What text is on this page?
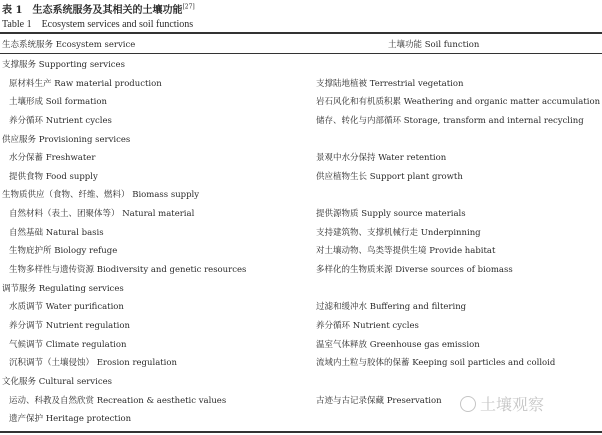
表 1　生态系统服务及其相关的土壤功能[27]
Table 1　Ecosystem services and soil functions
生态系统服务 Ecosystem service	土壤功能 Soil function
支撑服务 Supporting services
原材料生产 Raw material production	支撑陆地植被 Terrestrial vegetation
土壤形成 Soil formation	岩石风化和有机质积累 Weathering and organic matter accumulation
养分循环 Nutrient cycles	储存、转化与内部循环 Storage, transform and internal recycling
供应服务 Provisioning services
水分保蓄 Freshwater	景观中水分保持 Water retention
提供食物 Food supply	供应植物生长 Support plant growth
生物质供应（食物、纤维、燃料） Biomass supply
自然材料（表土、团聚体等） Natural material	提供源物质 Supply source materials
自然基础 Natural basis	支持建筑物、支撑机械行走 Underpinning
生物庇护所 Biology refuge	对土壤动物、鸟类等提供生境 Provide habitat
生物多样性与遗传资源 Biodiversity and genetic resources	多样化的生物质来源 Diverse sources of biomass
调节服务 Regulating services
水质调节 Water purification	过滤和缓冲水 Buffering and filtering
养分调节 Nutrient regulation	养分循环 Nutrient cycles
气候调节 Climate regulation	温室气体释放 Greenhouse gas emission
沉积调节（土壤侵蚀） Erosion regulation	流域内土粒与胶体的保蓄 Keeping soil particles and colloid
文化服务 Cultural services
运动、科教及自然欣赏 Recreation & aesthetic values	古迹与古记录保藏 Preservation
遗产保护 Heritage protection
土壤观察
